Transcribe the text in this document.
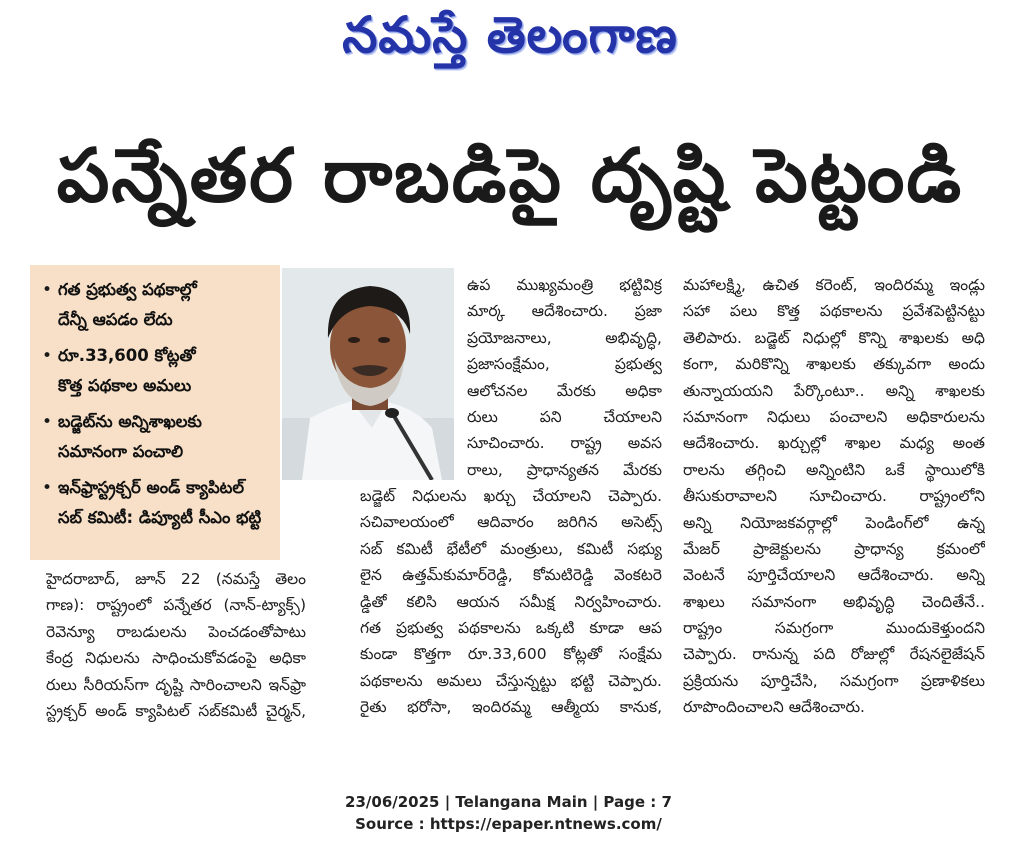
నమస్తే తెలంగాణ
పన్నేతర రాబడిపై దృష్టి పెట్టండి
• గత ప్రభుత్వ పథకాల్లో
దేన్నీ ఆపడం లేదు
• రూ.33,600 కోట్లతో
కొత్త పథకాల అమలు
• బడ్జెట్‌ను అన్నిశాఖలకు
సమానంగా పంచాలి
• ఇన్‌ఫ్రాస్ట్రక్చర్ అండ్ క్యాపిటల్
సబ్ కమిటీ: డిప్యూటీ సీఎం భట్టి
ఉప ముఖ్యమంత్రి భట్టివిక్ర
మార్క ఆదేశించారు. ప్రజా
ప్రయోజనాలు, అభివృద్ధి,
ప్రజాసంక్షేమం, ప్రభుత్వ
ఆలోచనల మేరకు అధికా
రులు పని చేయాలని
సూచించారు. రాష్ట్ర అవస
రాలు, ప్రాధాన్యతన మేరకు
బడ్జెట్ నిధులను ఖర్చు చేయాలని చెప్పారు.
సచివాలయంలో ఆదివారం జరిగిన అసెట్స్
సబ్ కమిటీ భేటీలో మంత్రులు, కమిటీ సభ్యు
లైన ఉత్తమ్‌కుమార్‌రెడ్డి, కోమటిరెడ్డి వెంకటరె
డ్డితో కలిసి ఆయన సమీక్ష నిర్వహించారు.
గత ప్రభుత్వ పథకాలను ఒక్కటి కూడా ఆప
కుండా కొత్తగా రూ.33,600 కోట్లతో సంక్షేమ
పథకాలను అమలు చేస్తున్నట్టు భట్టి చెప్పారు.
రైతు భరోసా, ఇందిరమ్మ ఆత్మీయ కానుక,
హైదరాబాద్, జూన్ 22 (నమస్తే తెలం
గాణ): రాష్ట్రంలో పన్నేతర (నాన్-ట్యాక్స్)
రెవెన్యూ రాబడులను పెంచడంతోపాటు
కేంద్ర నిధులను సాధించుకోవడంపై అధికా
రులు సీరియస్‌గా దృష్టి సారించాలని ఇన్‌ఫ్రా
స్ట్రక్చర్ అండ్ క్యాపిటల్ సబ్‌కమిటీ చైర్మన్,
మహాలక్ష్మి, ఉచిత కరెంట్, ఇందిరమ్మ ఇండ్లు
సహా పలు కొత్త పథకాలను ప్రవేశపెట్టినట్టు
తెలిపారు. బడ్జెట్ నిధుల్లో కొన్ని శాఖలకు అధి
కంగా, మరికొన్ని శాఖలకు తక్కువగా అందు
తున్నాయయని పేర్కొంటూ.. అన్ని శాఖలకు
సమానంగా నిధులు పంచాలని అధికారులను
ఆదేశించారు. ఖర్చుల్లో శాఖల మధ్య అంత
రాలను తగ్గించి అన్నింటిని ఒకే స్థాయిలోకి
తీసుకురావాలని సూచించారు. రాష్ట్రంలోని
అన్ని నియోజకవర్గాల్లో పెండింగ్‌లో ఉన్న
మేజర్ ప్రాజెక్టులను ప్రాధాన్య క్రమంలో
వెంటనే పూర్తిచేయాలని ఆదేశించారు. అన్ని
శాఖలు సమానంగా అభివృద్ధి చెందితేనే..
రాష్ట్రం సమగ్రంగా ముందుకెళ్తుందని
చెప్పారు. రానున్న పది రోజుల్లో రేషనలైజేషన్
ప్రక్రియను పూర్తిచేసి, సమగ్రంగా ప్రణాళికలు
రూపొందించాలని ఆదేశించారు.
23/06/2025 | Telangana Main | Page : 7
Source : https://epaper.ntnews.com/
